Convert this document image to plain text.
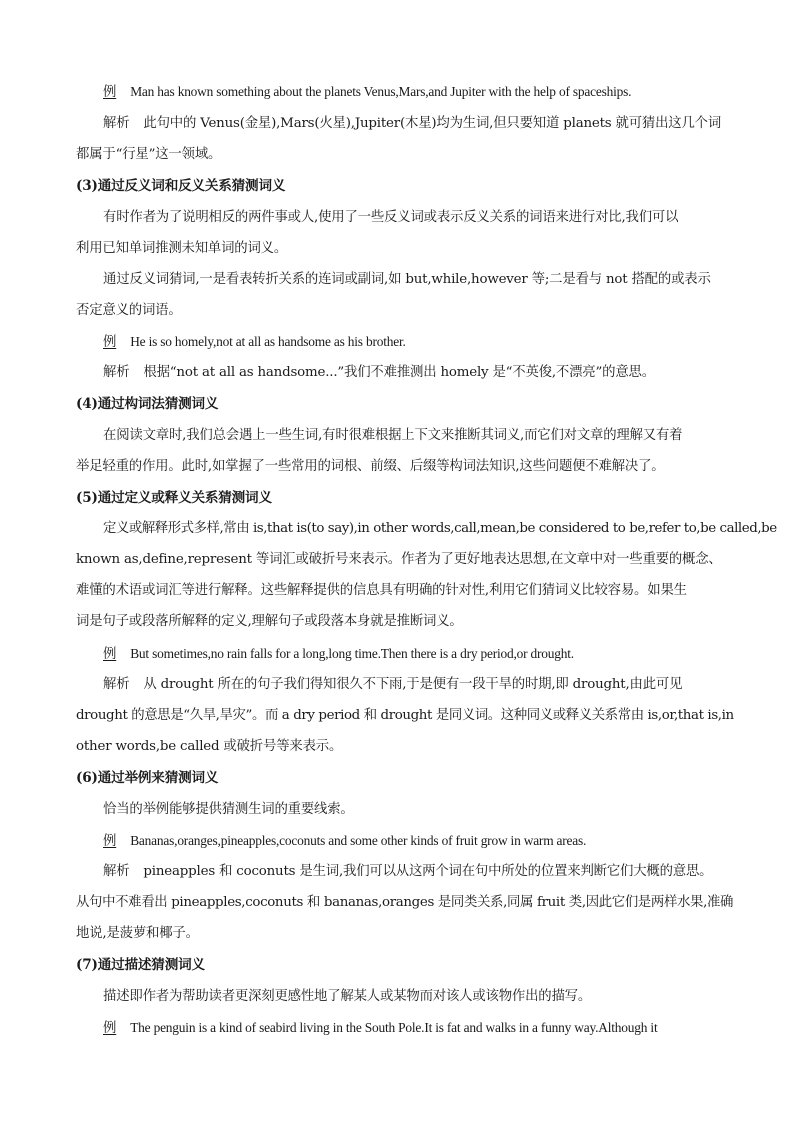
例 Man has known something about the planets Venus,Mars,and Jupiter with the help of spaceships.
解析 此句中的 Venus(金星),Mars(火星),Jupiter(木星)均为生词,但只要知道 planets 就可猜出这几个词
都属于“行星”这一领域。
(3)通过反义词和反义关系猜测词义
有时作者为了说明相反的两件事或人,使用了一些反义词或表示反义关系的词语来进行对比,我们可以
利用已知单词推测未知单词的词义。
通过反义词猜词,一是看表转折关系的连词或副词,如 but,while,however 等;二是看与 not 搭配的或表示
否定意义的词语。
例 He is so homely,not at all as handsome as his brother.
解析 根据“not at all as handsome...”我们不难推测出 homely 是“不英俊,不漂亮”的意思。
(4)通过构词法猜测词义
在阅读文章时,我们总会遇上一些生词,有时很难根据上下文来推断其词义,而它们对文章的理解又有着
举足轻重的作用。此时,如掌握了一些常用的词根、前缀、后缀等构词法知识,这些问题便不难解决了。
(5)通过定义或释义关系猜测词义
定义或解释形式多样,常由 is,that is(to say),in other words,call,mean,be considered to be,refer to,be called,be
known as,define,represent 等词汇或破折号来表示。作者为了更好地表达思想,在文章中对一些重要的概念、
难懂的术语或词汇等进行解释。这些解释提供的信息具有明确的针对性,利用它们猜词义比较容易。如果生
词是句子或段落所解释的定义,理解句子或段落本身就是推断词义。
例 But sometimes,no rain falls for a long,long time.Then there is a dry period,or drought.
解析 从 drought 所在的句子我们得知很久不下雨,于是便有一段干旱的时期,即 drought,由此可见
drought 的意思是“久旱,旱灾”。而 a dry period 和 drought 是同义词。这种同义或释义关系常由 is,or,that is,in
other words,be called 或破折号等来表示。
(6)通过举例来猜测词义
恰当的举例能够提供猜测生词的重要线索。
例 Bananas,oranges,pineapples,coconuts and some other kinds of fruit grow in warm areas.
解析 pineapples 和 coconuts 是生词,我们可以从这两个词在句中所处的位置来判断它们大概的意思。
从句中不难看出 pineapples,coconuts 和 bananas,oranges 是同类关系,同属 fruit 类,因此它们是两样水果,准确
地说,是菠萝和椰子。
(7)通过描述猜测词义
描述即作者为帮助读者更深刻更感性地了解某人或某物而对该人或该物作出的描写。
例 The penguin is a kind of seabird living in the South Pole.It is fat and walks in a funny way.Although it
